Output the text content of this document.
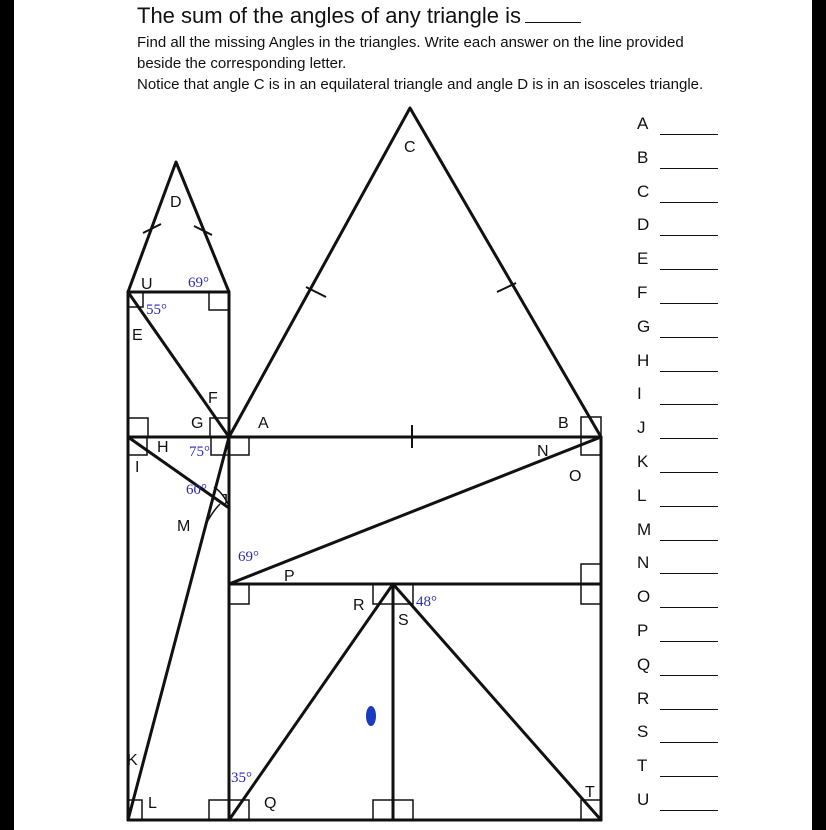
The sum of the angles of any triangle is

Find all the missing Angles in the triangles. Write each answer on the line provided beside the corresponding letter.

Notice that angle C is in an equilateral triangle and angle D is in an isosceles triangle.

C
D
U
E
F
G	A	B
H
I
N
O
J
M
P
R
S
K
L	Q
T
69°
55°
75°
60°
69°
48°
35°
A
B
C
D
E
F
G
H
I
J
K
L
M
N
O
P
Q
R
S
T
U
